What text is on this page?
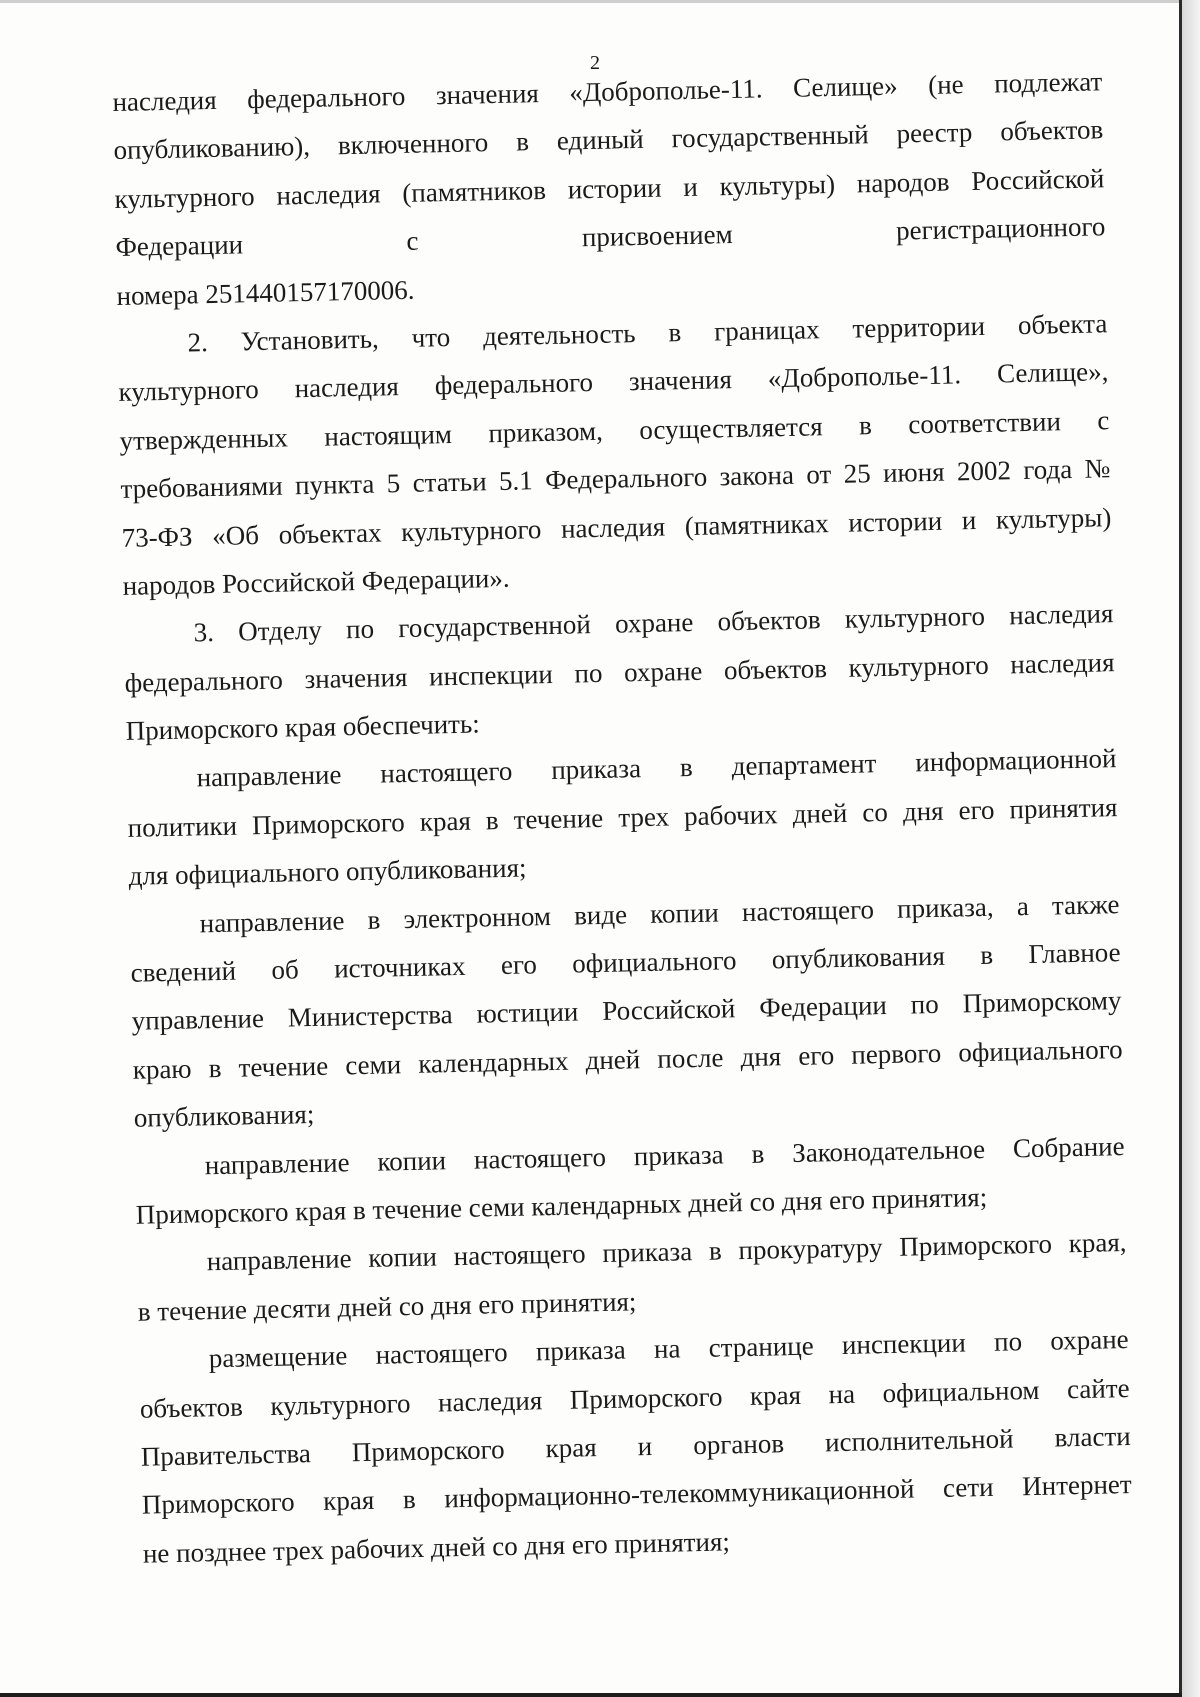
2
наследия федерального значения «Доброполье-11. Селище» (не подлежат
опубликованию), включенного в единый государственный реестр объектов
культурного наследия (памятников истории и культуры) народов Российской
Федерации	с	присвоением	регистрационного
номера 251440157170006.
2. Установить, что деятельность в границах территории объекта
культурного наследия федерального значения «Доброполье-11. Селище»,
утвержденных настоящим приказом, осуществляется в соответствии с
требованиями пункта 5 статьи 5.1 Федерального закона от 25 июня 2002 года №
73-ФЗ «Об объектах культурного наследия (памятниках истории и культуры)
народов Российской Федерации».
3. Отделу по государственной охране объектов культурного наследия
федерального значения инспекции по охране объектов культурного наследия
Приморского края обеспечить:
направление настоящего приказа в департамент информационной
политики Приморского края в течение трех рабочих дней со дня его принятия
для официального опубликования;
направление в электронном виде копии настоящего приказа, а также
сведений об источниках его официального опубликования в Главное
управление Министерства юстиции Российской Федерации по Приморскому
краю в течение семи календарных дней после дня его первого официального
опубликования;
направление копии настоящего приказа в Законодательное Собрание
Приморского края в течение семи календарных дней со дня его принятия;
направление копии настоящего приказа в прокуратуру Приморского края,
в течение десяти дней со дня его принятия;
размещение настоящего приказа на странице инспекции по охране
объектов культурного наследия Приморского края на официальном сайте
Правительства Приморского края и органов исполнительной власти
Приморского края в информационно-телекоммуникационной сети Интернет
не позднее трех рабочих дней со дня его принятия;
